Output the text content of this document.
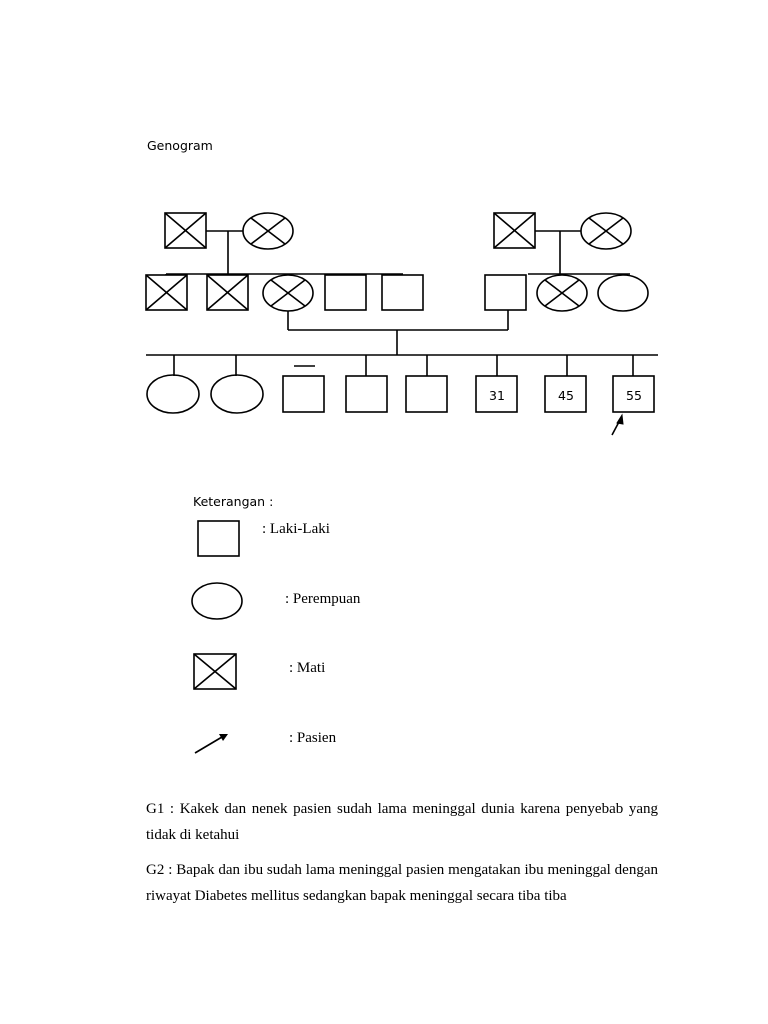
Genogram
31	45	55
Keterangan :
: Laki-Laki
: Perempuan
: Mati
: Pasien
G1 : Kakek dan nenek pasien sudah lama meninggal dunia karena penyebab yang tidak di ketahui
G2 : Bapak dan ibu sudah lama meninggal pasien mengatakan ibu meninggal dengan riwayat Diabetes mellitus sedangkan bapak meninggal secara tiba tiba
